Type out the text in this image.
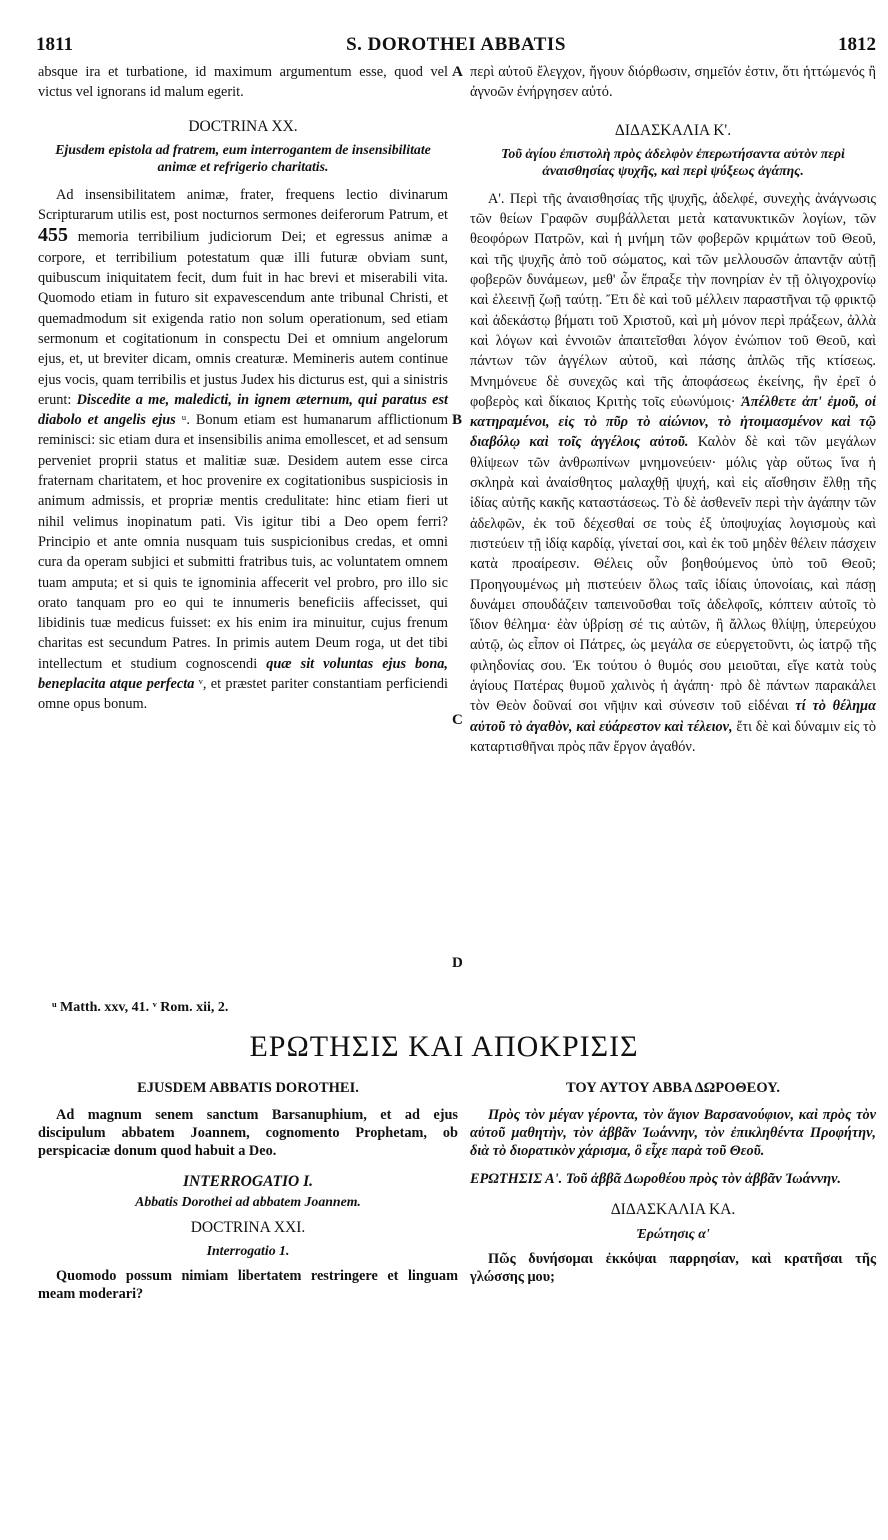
1811	S. DOROTHEI ABBATIS	1812

absque ira et turbatione, id maximum argumentum esse, quod vel victus vel ignorans id malum egerit.

DOCTRINA XX.
Ejusdem epistola ad fratrem, eum interrogantem de insensibilitate animæ et refrigerio charitatis.

Ad insensibilitatem animæ, frater, frequens lectio divinarum Scripturarum utilis est, post nocturnos sermones deiferorum Patrum, et 455 memoria terribilium judiciorum Dei; et egressus animæ a corpore, et terribilium potestatum quæ illi futuræ obviam sunt, quibuscum iniquitatem fecit, dum fuit in hac brevi et miserabili vita. Quomodo etiam in futuro sit expavescendum ante tribunal Christi, et quemadmodum sit exigenda ratio non solum operationum, sed etiam sermonum et cogitationum in conspectu Dei et omnium angelorum ejus, et, ut breviter dicam, omnis creaturæ. Memineris autem continue ejus vocis, quam terribilis et justus Judex his dicturus est, qui a sinistris erunt: Discedite a me, maledicti, in ignem æternum, qui paratus est diabolo et angelis ejus ᵘ. Bonum etiam est humanarum afflictionum reminisci: sic etiam dura et insensibilis anima emollescet, et ad sensum perveniet proprii status et malitiæ suæ. Desidem autem esse circa fraternam charitatem, et hoc provenire ex cogitationibus suspiciosis in animum admissis, et propriæ mentis credulitate: hinc etiam fieri ut nihil velimus inopinatum pati. Vis igitur tibi a Deo opem ferri? Principio et ante omnia nusquam tuis suspicionibus credas, et omni cura da operam subjici et submitti fratribus tuis, ac voluntatem omnem tuam amputa; et si quis te ignominia affecerit vel probro, pro illo sic orato tanquam pro eo qui te innumeris beneficiis affecisset, qui libidinis tuæ medicus fuisset: ex his enim ira minuitur, cujus frenum charitas est secundum Patres. In primis autem Deum roga, ut det tibi intellectum et studium cognoscendi quæ sit voluntas ejus bona, beneplacita atque perfecta ᵛ, et præstet pariter constantiam perficiendi omne opus bonum.

περὶ αὐτοῦ ἔλεγχον, ἤγουν διόρθωσιν, σημεῖόν ἐστιν, ὅτι ἡττώμενός ἢ ἀγνοῶν ἐνήργησεν αὐτό.

ΔΙΔΑΣΚΑΛΙΑ Κ'.
Τοῦ ἁγίου ἐπιστολὴ πρὸς ἀδελφὸν ἐπερωτήσαντα αὐτὸν περὶ ἀναισθησίας ψυχῆς, καὶ περὶ ψύξεως ἀγάπης.

Α'. Περὶ τῆς ἀναισθησίας τῆς ψυχῆς, ἀδελφέ, συνεχὴς ἀνάγνωσις τῶν θείων Γραφῶν συμβάλλεται μετὰ κατανυκτικῶν λογίων, τῶν θεοφόρων Πατρῶν, καὶ ἡ μνήμη τῶν φοβερῶν κριμάτων τοῦ Θεοῦ, καὶ τῆς ψυχῆς ἀπὸ τοῦ σώματος, καὶ τῶν μελλουσῶν ἀπαντᾷν αὐτῇ φοβερῶν δυνάμεων, μεθ' ὧν ἔπραξε τὴν πονηρίαν ἐν τῇ ὀλιγοχρονίῳ καὶ ἐλεεινῇ ζωῇ ταύτῃ. Ἔτι δὲ καὶ τοῦ μέλλειν παραστῆναι τῷ φρικτῷ καὶ ἀδεκάστῳ βήματι τοῦ Χριστοῦ, καὶ μὴ μόνον περὶ πράξεων, ἀλλὰ καὶ λόγων καὶ ἐννοιῶν ἀπαιτεῖσθαι λόγον ἐνώπιον τοῦ Θεοῦ, καὶ πάντων τῶν ἀγγέλων αὐτοῦ, καὶ πάσης ἁπλῶς τῆς κτίσεως. Μνημόνευε δὲ συνεχῶς καὶ τῆς ἀποφάσεως ἐκείνης, ἣν ἐρεῖ ὁ φοβερὸς καὶ δίκαιος Κριτὴς τοῖς εὐωνύμοις· Ἀπέλθετε ἀπ' ἐμοῦ, οἱ κατηραμένοι, εἰς τὸ πῦρ τὸ αἰώνιον, τὸ ἡτοιμασμένον καὶ τῷ διαβόλῳ καὶ τοῖς ἀγγέλοις αὐτοῦ. Καλὸν δὲ καὶ τῶν μεγάλων θλίψεων τῶν ἀνθρωπίνων μνημονεύειν· μόλις γὰρ οὕτως ἵνα ἡ σκληρὰ καὶ ἀναίσθητος μαλαχθῇ ψυχή, καὶ εἰς αἴσθησιν ἔλθῃ τῆς ἰδίας αὐτῆς κακῆς καταστάσεως. Τὸ δὲ ἀσθενεῖν περὶ τὴν ἀγάπην τῶν ἀδελφῶν, ἐκ τοῦ δέχεσθαί σε τοὺς ἐξ ὑποψυχίας λογισμοὺς καὶ πιστεύειν τῇ ἰδίᾳ καρδίᾳ, γίνεταί σοι, καὶ ἐκ τοῦ μηδὲν θέλειν πάσχειν κατὰ προαίρεσιν. Θέλεις οὖν βοηθούμενος ὑπὸ τοῦ Θεοῦ; Προηγουμένως μὴ πιστεύειν ὅλως ταῖς ἰδίαις ὑπονοίαις, καὶ πάσῃ δυνάμει σπουδάζειν ταπεινοῦσθαι τοῖς ἀδελφοῖς, κόπτειν αὐτοῖς τὸ ἴδιον θέλημα· ἐὰν ὑβρίσῃ σέ τις αὐτῶν, ἢ ἄλλως θλίψῃ, ὑπερεύχου αὐτῷ, ὡς εἶπον οἱ Πάτρες, ὡς μεγάλα σε εὐεργετοῦντι, ὡς ἰατρῷ τῆς φιληδονίας σου. Ἐκ τούτου ὁ θυμός σου μειοῦται, εἴγε κατὰ τοὺς ἁγίους Πατέρας θυμοῦ χαλινὸς ἡ ἀγάπη· πρὸ δὲ πάντων παρακάλει τὸν Θεὸν δοῦναί σοι νῆψιν καὶ σύνεσιν τοῦ εἰδέναι τί τὸ θέλημα αὐτοῦ τὸ ἀγαθὸν, καὶ εὐάρεστον καὶ τέλειον, ἔτι δὲ καὶ δύναμιν εἰς τὸ καταρτισθῆναι πρὸς πᾶν ἔργον ἀγαθόν.

A
B
C
D
ᵘ Matth. xxv, 41. ᵛ Rom. xii, 2.
ΕΡΩΤΗΣΙΣ ΚΑΙ ΑΠΟΚΡΙΣΙΣ
EJUSDEM ABBATIS DOROTHEI.

Ad magnum senem sanctum Barsanuphium, et ad ejus discipulum abbatem Joannem, cognomento Prophetam, ob perspicaciæ donum quod habuit a Deo.

INTERROGATIO I.
Abbatis Dorothei ad abbatem Joannem.
DOCTRINA XXI.
Interrogatio 1.

Quomodo possum nimiam libertatem restringere et linguam meam moderari?

ΤΟΥ ΑΥΤΟΥ ΑΒΒΑ ΔΩΡΟΘΕΟΥ.

Πρὸς τὸν μέγαν γέροντα, τὸν ἅγιον Βαρσανούφιον, καὶ πρὸς τὸν αὐτοῦ μαθητὴν, τὸν ἀββᾶν Ἰωάννην, τὸν ἐπικληθέντα Προφήτην, διὰ τὸ διορατικὸν χάρισμα, ὃ εἶχε παρὰ τοῦ Θεοῦ.

ΕΡΩΤΗΣΙΣ Α'. Τοῦ ἀββᾶ Δωροθέου πρὸς τὸν ἀββᾶν Ἰωάννην.

ΔΙΔΑΣΚΑΛΙΑ ΚΑ.
Ἐρώτησις α'

Πῶς δυνήσομαι ἐκκόψαι παρρησίαν, καὶ κρατῆσαι τῆς γλώσσης μου;
